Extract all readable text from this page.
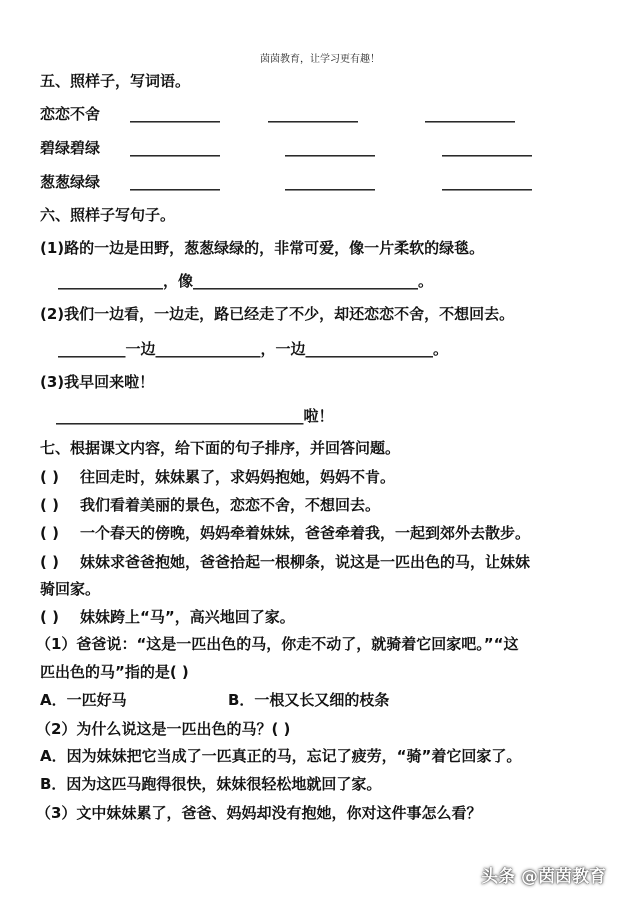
茵茵教育，让学习更有趣！
五、照样子，写词语。
恋恋不舍 ____________	____________	____________
碧绿碧绿 ____________	____________	____________
葱葱绿绿 ____________	____________	____________
六、照样子写句子。
(1)路的一边是田野，葱葱绿绿的，非常可爱，像一片柔软的绿毯。
______________，像______________________________。
(2)我们一边看，一边走，路已经走了不少，却还恋恋不舍，不想回去。
_________一边______________，一边_________________。
(3)我早回来啦！
_________________________________啦！
七、根据课文内容，给下面的句子排序，并回答问题。
( ) 往回走时，妹妹累了，求妈妈抱她，妈妈不肯。
( ) 我们看着美丽的景色，恋恋不舍，不想回去。
( ) 一个春天的傍晚，妈妈牵着妹妹，爸爸牵着我，一起到郊外去散步。
( ) 妹妹求爸爸抱她，爸爸拾起一根柳条，说这是一匹出色的马，让妹妹
骑回家。
( ) 妹妹跨上“马”，高兴地回了家。
（1）爸爸说：“这是一匹出色的马，你走不动了，就骑着它回家吧。”“这
匹出色的马”指的是( )
A．一匹好马	B．一根又长又细的枝条
（2）为什么说这是一匹出色的马？( )
A．因为妹妹把它当成了一匹真正的马，忘记了疲劳，“骑”着它回家了。
B．因为这匹马跑得很快，妹妹很轻松地就回了家。
（3）文中妹妹累了，爸爸、妈妈却没有抱她，你对这件事怎么看？
头条 @茵茵教育
